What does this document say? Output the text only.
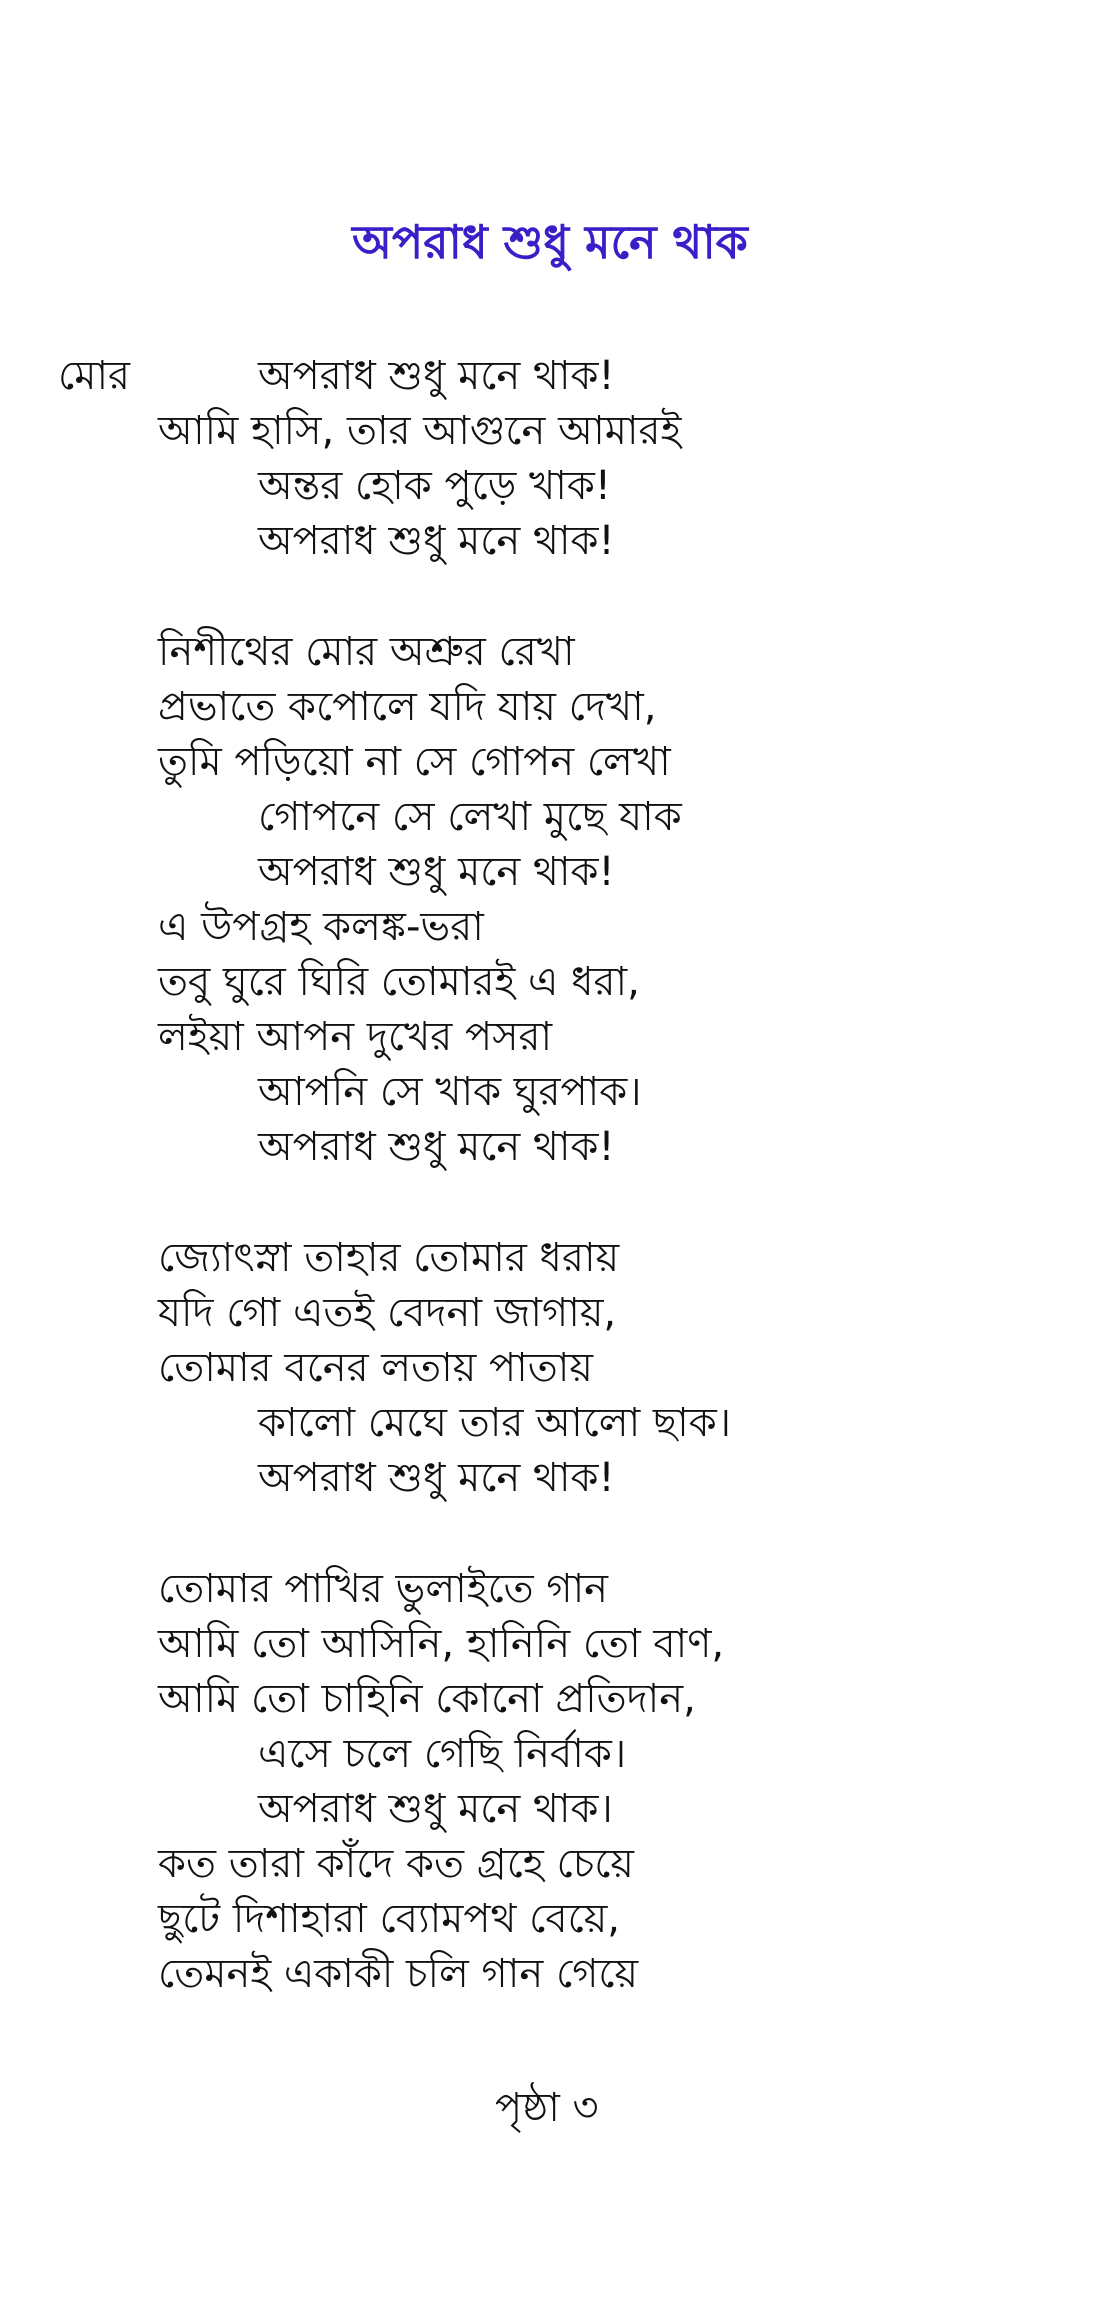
অপরাধ শুধু মনে থাক
মোর	অপরাধ শুধু মনে থাক!
আমি হাসি, তার আগুনে আমারই
অন্তর হোক পুড়ে খাক!
অপরাধ শুধু মনে থাক!
নিশীথের মোর অশ্রুর রেখা
প্রভাতে কপোলে যদি যায় দেখা,
তুমি পড়িয়ো না সে গোপন লেখা
গোপনে সে লেখা মুছে যাক
অপরাধ শুধু মনে থাক!
এ উপগ্রহ কলঙ্ক-ভরা
তবু ঘুরে ঘিরি তোমারই এ ধরা,
লইয়া আপন দুখের পসরা
আপনি সে খাক ঘুরপাক।
অপরাধ শুধু মনে থাক!
জ্যোৎস্না তাহার তোমার ধরায়
যদি গো এতই বেদনা জাগায়,
তোমার বনের লতায় পাতায়
কালো মেঘে তার আলো ছাক।
অপরাধ শুধু মনে থাক!
তোমার পাখির ভুলাইতে গান
আমি তো আসিনি, হানিনি তো বাণ,
আমি তো চাহিনি কোনো প্রতিদান,
এসে চলে গেছি নির্বাক।
অপরাধ শুধু মনে থাক।
কত তারা কাঁদে কত গ্রহে চেয়ে
ছুটে দিশাহারা ব্যোমপথ বেয়ে,
তেমনই একাকী চলি গান গেয়ে
পৃষ্ঠা ৩
